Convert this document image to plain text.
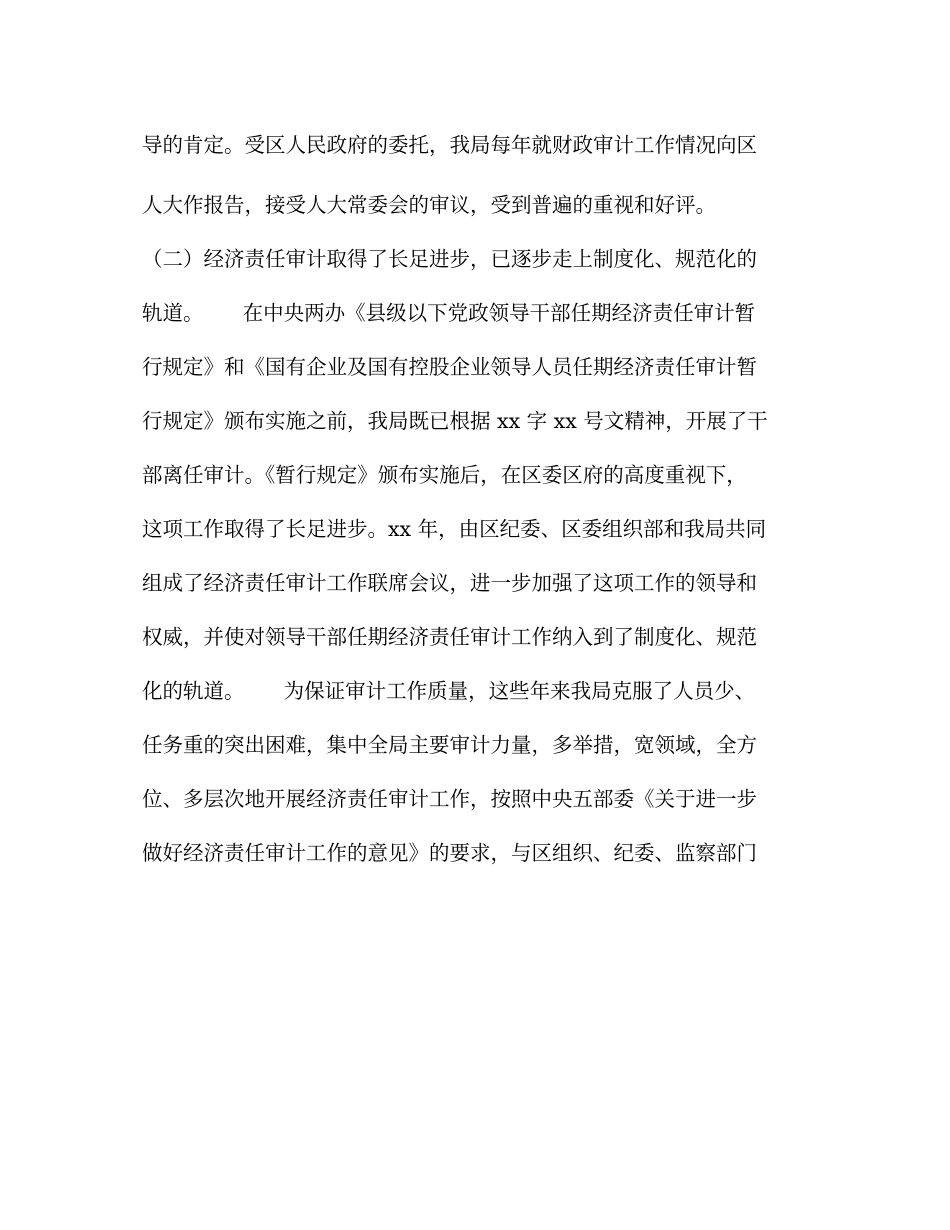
导的肯定。受区人民政府的委托，我局每年就财政审计工作情况向区
人大作报告，接受人大常委会的审议，受到普遍的重视和好评。
（二）经济责任审计取得了长足进步，已逐步走上制度化、规范化的
轨道。      在中央两办《县级以下党政领导干部任期经济责任审计暂
行规定》和《国有企业及国有控股企业领导人员任期经济责任审计暂
行规定》颁布实施之前，我局既已根据 xx 字 xx 号文精神，开展了干
部离任审计。《暂行规定》颁布实施后，在区委区府的高度重视下，
这项工作取得了长足进步。xx 年，由区纪委、区委组织部和我局共同
组成了经济责任审计工作联席会议，进一步加强了这项工作的领导和
权威，并使对领导干部任期经济责任审计工作纳入到了制度化、规范
化的轨道。      为保证审计工作质量，这些年来我局克服了人员少、
任务重的突出困难，集中全局主要审计力量，多举措，宽领域，全方
位、多层次地开展经济责任审计工作，按照中央五部委《关于进一步
做好经济责任审计工作的意见》的要求，与区组织、纪委、监察部门
